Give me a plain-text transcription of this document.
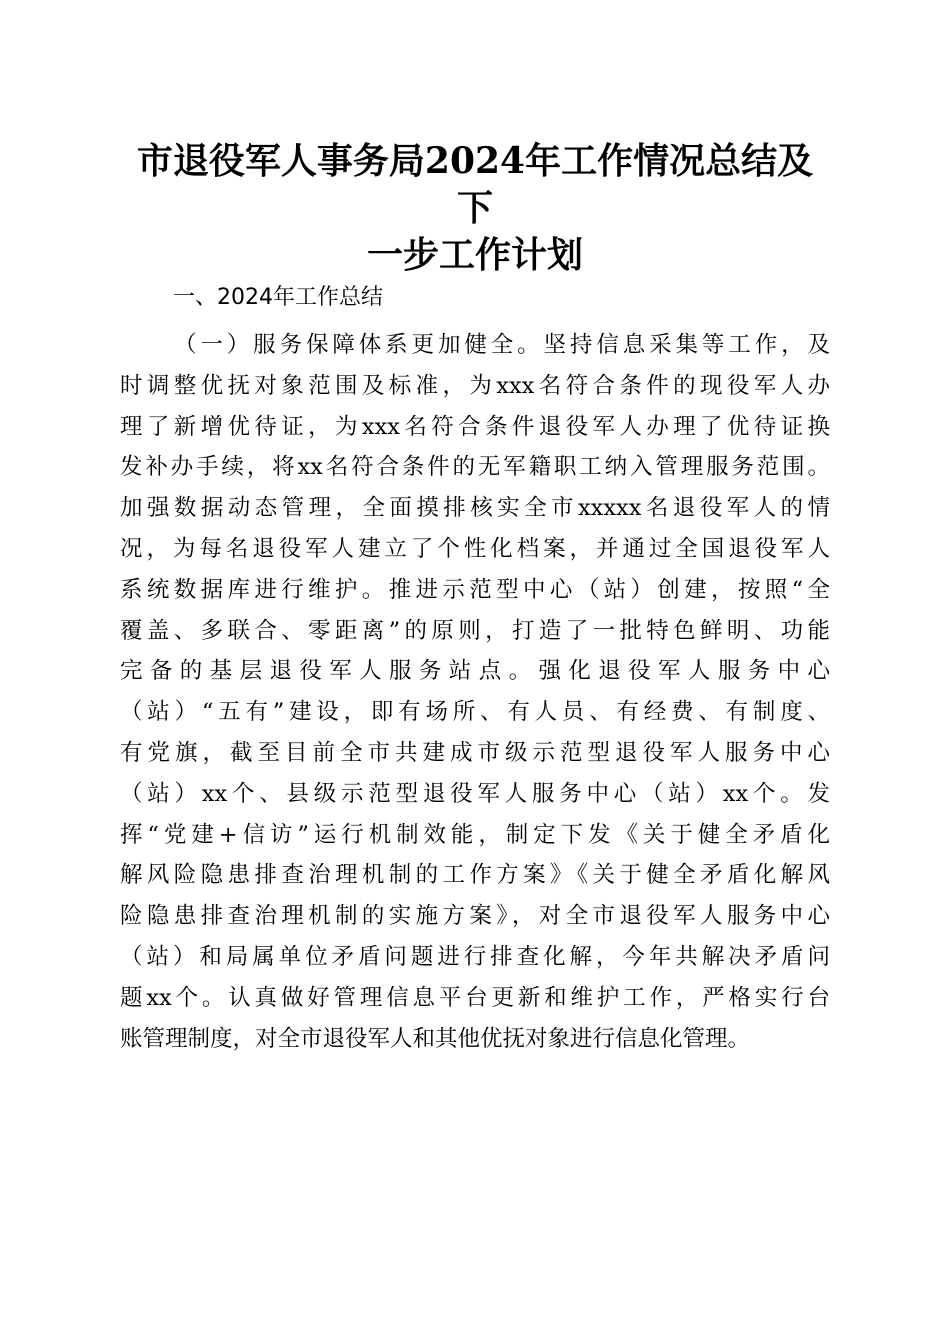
市退役军人事务局2024年工作情况总结及下
一步工作计划
一、2024年工作总结
（一）服务保障体系更加健全。坚持信息采集等工作，及
时调整优抚对象范围及标准，为xxx名符合条件的现役军人办
理了新增优待证，为xxx名符合条件退役军人办理了优待证换
发补办手续，将xx名符合条件的无军籍职工纳入管理服务范围。
加强数据动态管理，全面摸排核实全市xxxxx名退役军人的情
况，为每名退役军人建立了个性化档案，并通过全国退役军人
系统数据库进行维护。推进示范型中心（站）创建，按照“全
覆盖、多联合、零距离”的原则，打造了一批特色鲜明、功能
完备的基层退役军人服务站点。强化退役军人服务中心
（站）“五有”建设，即有场所、有人员、有经费、有制度、
有党旗，截至目前全市共建成市级示范型退役军人服务中心
（站）xx个、县级示范型退役军人服务中心（站）xx个。发
挥“党建+信访”运行机制效能，制定下发《关于健全矛盾化
解风险隐患排查治理机制的工作方案》《关于健全矛盾化解风
险隐患排查治理机制的实施方案》，对全市退役军人服务中心
（站）和局属单位矛盾问题进行排查化解，今年共解决矛盾问
题xx个。认真做好管理信息平台更新和维护工作，严格实行台
账管理制度，对全市退役军人和其他优抚对象进行信息化管理。
